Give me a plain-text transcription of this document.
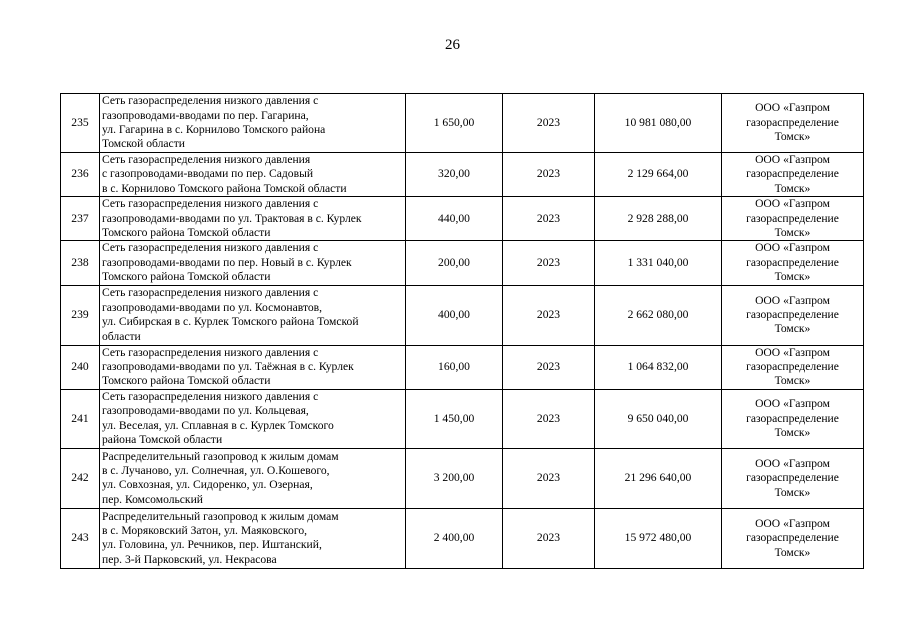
26
235	Сеть газораспределения низкого давления с
газопроводами-вводами по пер. Гагарина,
ул. Гагарина в с. Корнилово Томского района
Томской области	1 650,00	2023	10 981 080,00	ООО «Газпром
газораспределение
Томск»

236	Сеть газораспределения низкого давления
с газопроводами-вводами по пер. Садовый
в с. Корнилово Томского района Томской области	320,00	2023	2 129 664,00	ООО «Газпром
газораспределение
Томск»

237	Сеть газораспределения низкого давления с
газопроводами-вводами по ул. Трактовая в с. Курлек
Томского района Томской области	440,00	2023	2 928 288,00	ООО «Газпром
газораспределение
Томск»

238	Сеть газораспределения низкого давления с
газопроводами-вводами по пер. Новый в с. Курлек
Томского района Томской области	200,00	2023	1 331 040,00	ООО «Газпром
газораспределение
Томск»

239	Сеть газораспределения низкого давления с
газопроводами-вводами по ул. Космонавтов,
ул. Сибирская в с. Курлек Томского района Томской
области	400,00	2023	2 662 080,00	ООО «Газпром
газораспределение
Томск»

240	Сеть газораспределения низкого давления с
газопроводами-вводами по ул. Таёжная в с. Курлек
Томского района Томской области	160,00	2023	1 064 832,00	ООО «Газпром
газораспределение
Томск»

241	Сеть газораспределения низкого давления с
газопроводами-вводами по ул. Кольцевая,
ул. Веселая, ул. Сплавная в с. Курлек Томского
района Томской области	1 450,00	2023	9 650 040,00	ООО «Газпром
газораспределение
Томск»

242	Распределительный газопровод к жилым домам
в с. Лучаново, ул. Солнечная, ул. О.Кошевого,
ул. Совхозная, ул. Сидоренко, ул. Озерная,
пер. Комсомольский	3 200,00	2023	21 296 640,00	ООО «Газпром
газораспределение
Томск»

243	Распределительный газопровод к жилым домам
в с. Моряковский Затон, ул. Маяковского,
ул. Головина, ул. Речников, пер. Иштанский,
пер. 3-й Парковский, ул. Некрасова	2 400,00	2023	15 972 480,00	ООО «Газпром
газораспределение
Томск»
